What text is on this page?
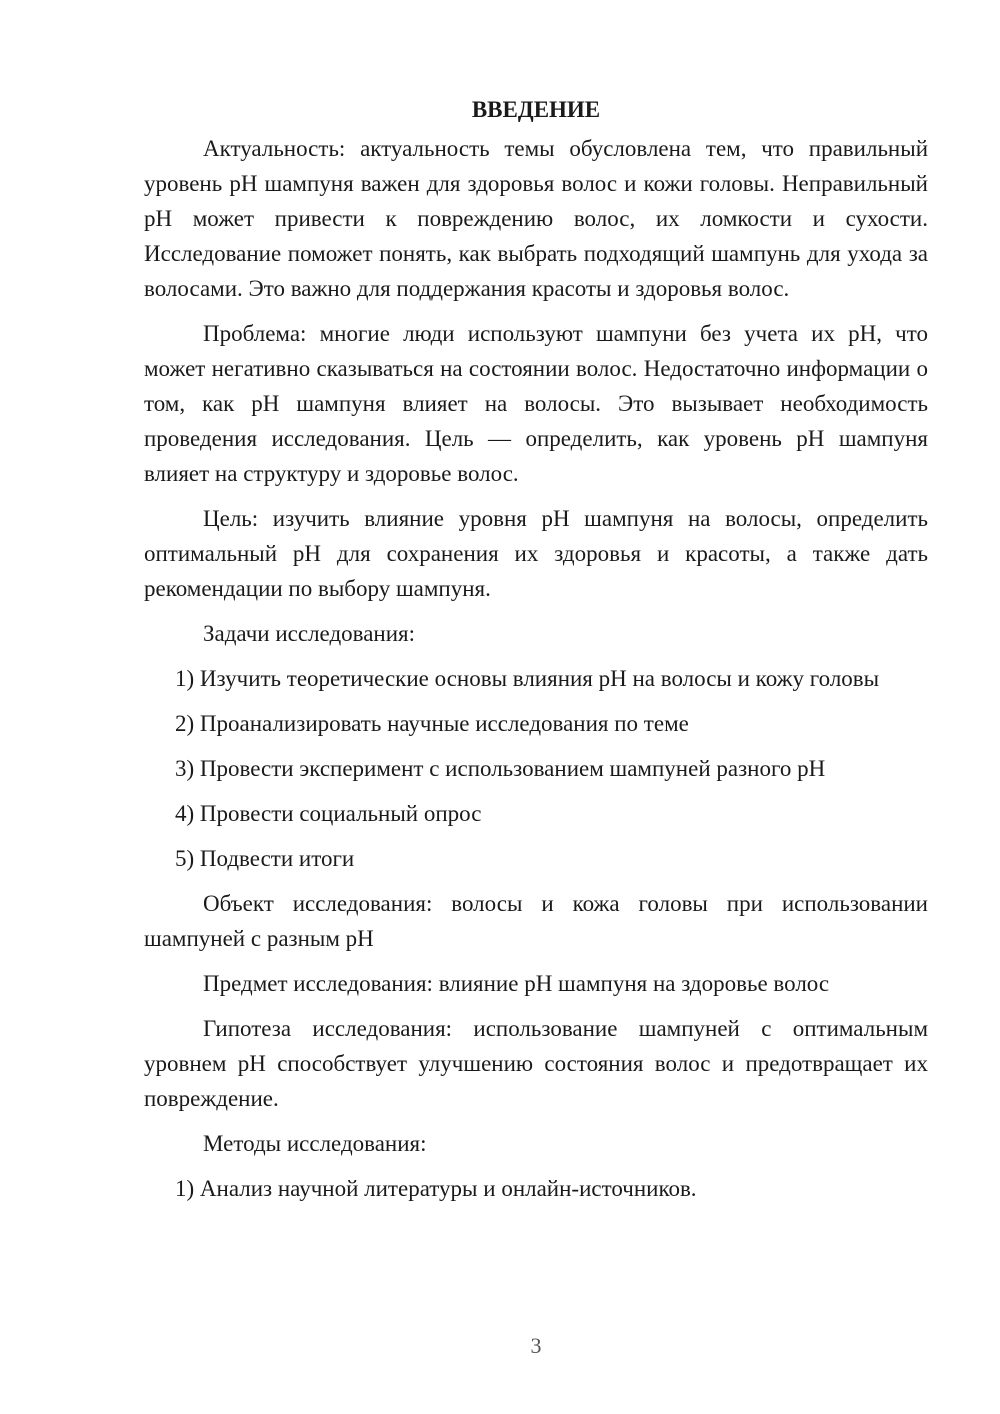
ВВЕДЕНИЕ

Актуальность: актуальность темы обусловлена тем, что правильный уровень pH шампуня важен для здоровья волос и кожи головы. Неправильный pH может привести к повреждению волос, их ломкости и сухости. Исследование поможет понять, как выбрать подходящий шампунь для ухода за волосами. Это важно для поддержания красоты и здоровья волос.

Проблема: многие люди используют шампуни без учета их pH, что может негативно сказываться на состоянии волос. Недостаточно информации о том, как pH шампуня влияет на волосы. Это вызывает необходимость проведения исследования. Цель — определить, как уровень pH шампуня влияет на структуру и здоровье волос.

Цель: изучить влияние уровня pH шампуня на волосы, определить оптимальный pH для сохранения их здоровья и красоты, а также дать рекомендации по выбору шампуня.

Задачи исследования:

1) Изучить теоретические основы влияния pH на волосы и кожу головы

2) Проанализировать научные исследования по теме

3) Провести эксперимент с использованием шампуней разного pH

4) Провести социальный опрос

5) Подвести итоги

Объект исследования: волосы и кожа головы при использовании шампуней с разным pH

Предмет исследования: влияние pH шампуня на здоровье волос

Гипотеза исследования: использование шампуней с оптимальным уровнем pH способствует улучшению состояния волос и предотвращает их повреждение.

Методы исследования:

1) Анализ научной литературы и онлайн-источников.

3
